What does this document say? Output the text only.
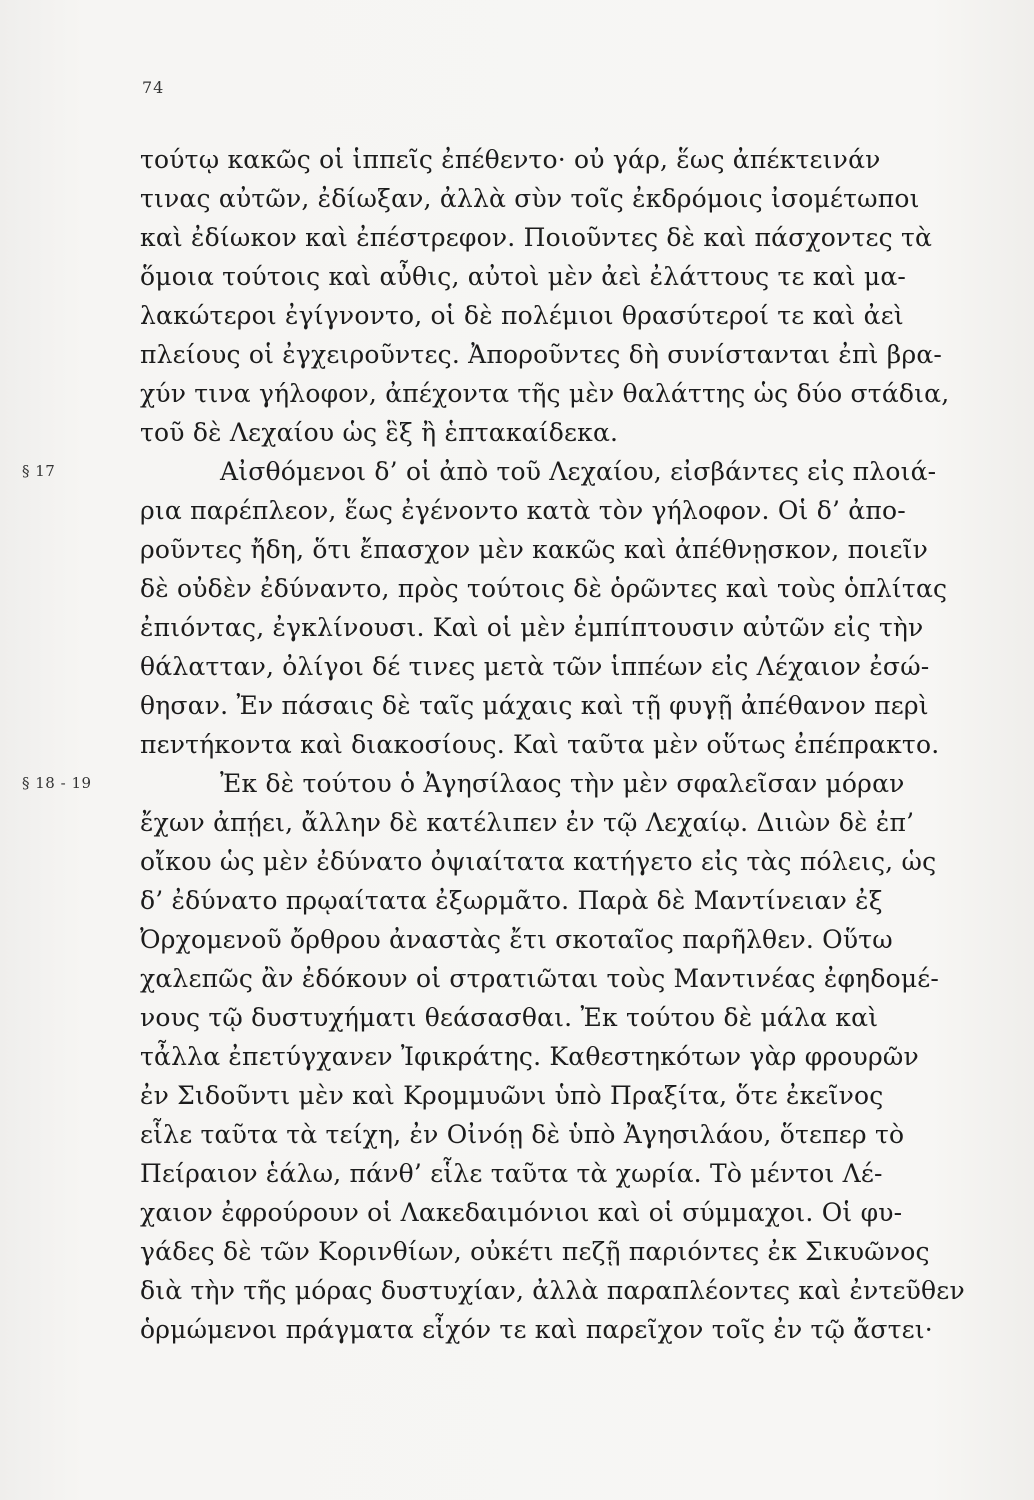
74
τούτῳ κακῶς οἱ ἱππεῖς ἐπέθεντο· οὐ γάρ, ἕως ἀπέκτεινάν
τινας αὐτῶν, ἐδίωξαν, ἀλλὰ σὺν τοῖς ἐκδρόμοις ἰσομέτωποι
καὶ ἐδίωκον καὶ ἐπέστρεφον. Ποιοῦντες δὲ καὶ πάσχοντες τὰ
ὅμοια τούτοις καὶ αὖθις, αὐτοὶ μὲν ἀεὶ ἐλάττους τε καὶ μα-
λακώτεροι ἐγίγνοντο, οἱ δὲ πολέμιοι θρασύτεροί τε καὶ ἀεὶ
πλείους οἱ ἐγχειροῦντες. Ἀποροῦντες δὴ συνίστανται ἐπὶ βρα-
χύν τινα γήλοφον, ἀπέχοντα τῆς μὲν θαλάττης ὡς δύο στάδια,
τοῦ δὲ Λεχαίου ὡς ἓξ ἢ ἑπτακαίδεκα.
§ 17	Αἰσθόμενοι δ’ οἱ ἀπὸ τοῦ Λεχαίου, εἰσβάντες εἰς πλοιά-
ρια παρέπλεον, ἕως ἐγένοντο κατὰ τὸν γήλοφον. Οἱ δ’ ἀπο-
ροῦντες ἤδη, ὅτι ἔπασχον μὲν κακῶς καὶ ἀπέθνῃσκον, ποιεῖν
δὲ οὐδὲν ἐδύναντο, πρὸς τούτοις δὲ ὁρῶντες καὶ τοὺς ὁπλίτας
ἐπιόντας, ἐγκλίνουσι. Καὶ οἱ μὲν ἐμπίπτουσιν αὐτῶν εἰς τὴν
θάλατταν, ὀλίγοι δέ τινες μετὰ τῶν ἱππέων εἰς Λέχαιον ἐσώ-
θησαν. Ἐν πάσαις δὲ ταῖς μάχαις καὶ τῇ φυγῇ ἀπέθανον περὶ
πεντήκοντα καὶ διακοσίους. Καὶ ταῦτα μὲν οὕτως ἐπέπρακτο.
§ 18 - 19	Ἐκ δὲ τούτου ὁ Ἀγησίλαος τὴν μὲν σφαλεῖσαν μόραν
ἔχων ἀπῄει, ἄλλην δὲ κατέλιπεν ἐν τῷ Λεχαίῳ. Διιὼν δὲ ἐπ’
οἴκου ὡς μὲν ἐδύνατο ὀψιαίτατα κατήγετο εἰς τὰς πόλεις, ὡς
δ’ ἐδύνατο πρῳαίτατα ἐξωρμᾶτο. Παρὰ δὲ Μαντίνειαν ἐξ
Ὀρχομενοῦ ὄρθρου ἀναστὰς ἔτι σκοταῖος παρῆλθεν. Οὕτω
χαλεπῶς ἂν ἐδόκουν οἱ στρατιῶται τοὺς Μαντινέας ἐφηδομέ-
νους τῷ δυστυχήματι θεάσασθαι. Ἐκ τούτου δὲ μάλα καὶ
τἆλλα ἐπετύγχανεν Ἰφικράτης. Καθεστηκότων γὰρ φρουρῶν
ἐν Σιδοῦντι μὲν καὶ Κρομμυῶνι ὑπὸ Πραξίτα, ὅτε ἐκεῖνος
εἷλε ταῦτα τὰ τείχη, ἐν Οἰνόῃ δὲ ὑπὸ Ἀγησιλάου, ὅτεπερ τὸ
Πείραιον ἑάλω, πάνθ’ εἷλε ταῦτα τὰ χωρία. Τὸ μέντοι Λέ-
χαιον ἐφρούρουν οἱ Λακεδαιμόνιοι καὶ οἱ σύμμαχοι. Οἱ φυ-
γάδες δὲ τῶν Κορινθίων, οὐκέτι πεζῇ παριόντες ἐκ Σικυῶνος
διὰ τὴν τῆς μόρας δυστυχίαν, ἀλλὰ παραπλέοντες καὶ ἐντεῦθεν
ὁρμώμενοι πράγματα εἶχόν τε καὶ παρεῖχον τοῖς ἐν τῷ ἄστει·
